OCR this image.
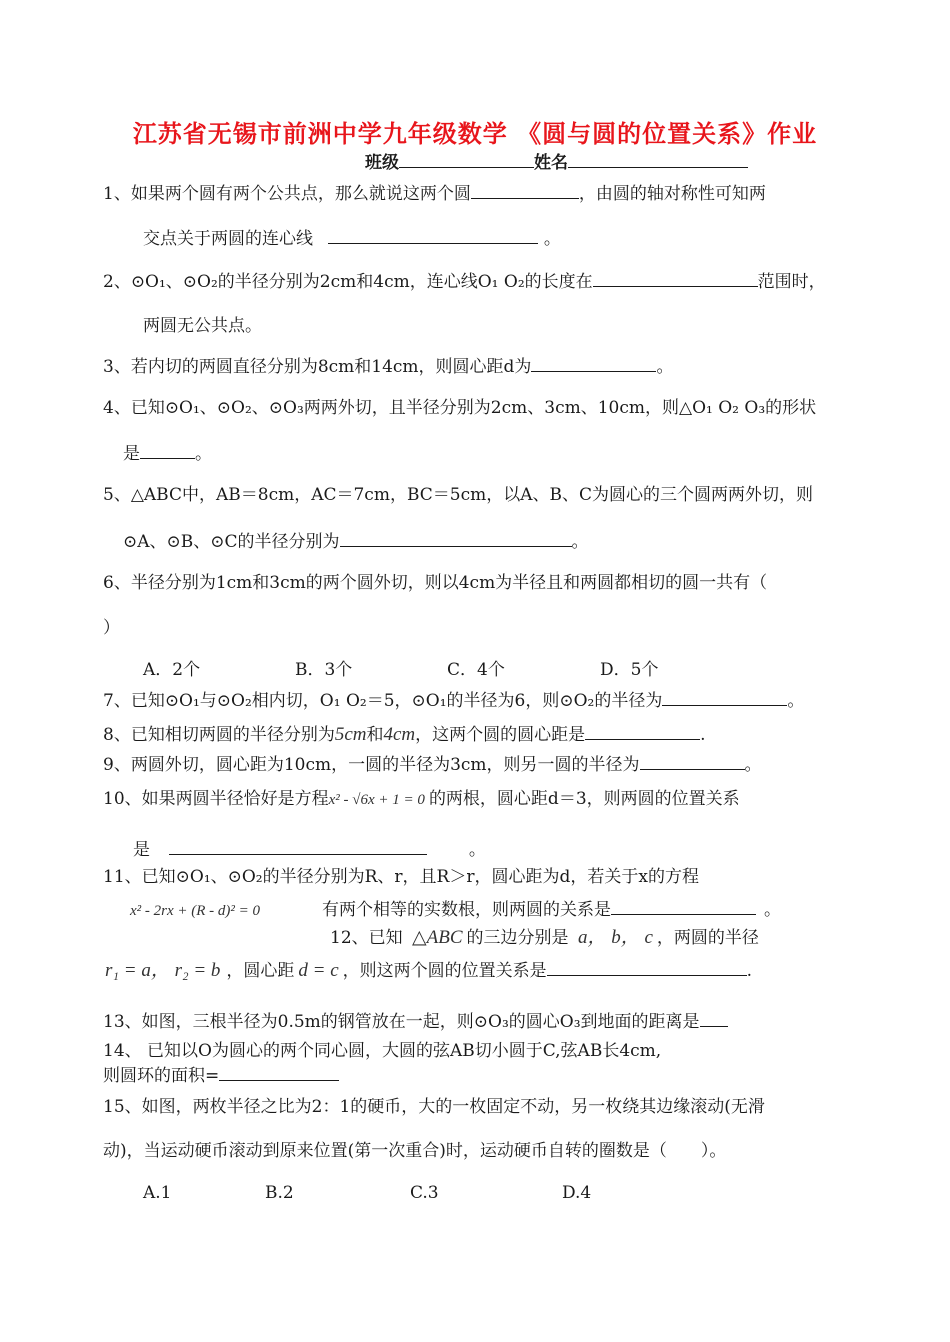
江苏省无锡市前洲中学九年级数学 《圆与圆的位置关系》作业
班级	姓名
1、如果两个圆有两个公共点，那么就说这两个圆	，由圆的轴对称性可知两
交点关于两圆的连心线	。
2、⊙O₁、⊙O₂的半径分别为2cm和4cm，连心线O₁ O₂的长度在	范围时，
两圆无公共点。
3、若内切的两圆直径分别为8cm和14cm，则圆心距d为	。
4、已知⊙O₁、⊙O₂、⊙O₃两两外切，且半径分别为2cm、3cm、10cm，则△O₁ O₂ O₃的形状
是	。
5、△ABC中，AB＝8cm，AC＝7cm，BC＝5cm，以A、B、C为圆心的三个圆两两外切，则
⊙A、⊙B、⊙C的半径分别为	。
6、半径分别为1cm和3cm的两个圆外切，则以4cm为半径且和两圆都相切的圆一共有（
）
A．2个	B．3个	C．4个	D．5个
7、已知⊙O₁与⊙O₂相内切，O₁ O₂＝5，⊙O₁的半径为6，则⊙O₂的半径为	。
8、已知相切两圆的半径分别为5cm和4cm，这两个圆的圆心距是	.
9、两圆外切，圆心距为10cm，一圆的半径为3cm，则另一圆的半径为	。
10、如果两圆半径恰好是方程x² - √6x + 1 = 0 的两根，圆心距d＝3，则两圆的位置关系
是	。
11、已知⊙O₁、⊙O₂的半径分别为R、r，且R＞r，圆心距为d，若关于x的方程
x² - 2rx + (R - d)² = 0	有两个相等的实数根，则两圆的关系是	。
12、已知 △ABC 的三边分别是 a， b， c ，两圆的半径
r₁ = a， r₂ = b ，圆心距 d = c ，则这两个圆的位置关系是	.
13、如图，三根半径为0.5m的钢管放在一起，则⊙O₃的圆心O₃到地面的距离是
14、 已知以O为圆心的两个同心圆，大圆的弦AB切小圆于C,弦AB长4cm,
则圆环的面积=
15、如图，两枚半径之比为2：1的硬币，大的一枚固定不动，另一枚绕其边缘滚动(无滑
动)，当运动硬币滚动到原来位置(第一次重合)时，运动硬币自转的圈数是（　　）。
A.1	B.2	C.3	D.4
